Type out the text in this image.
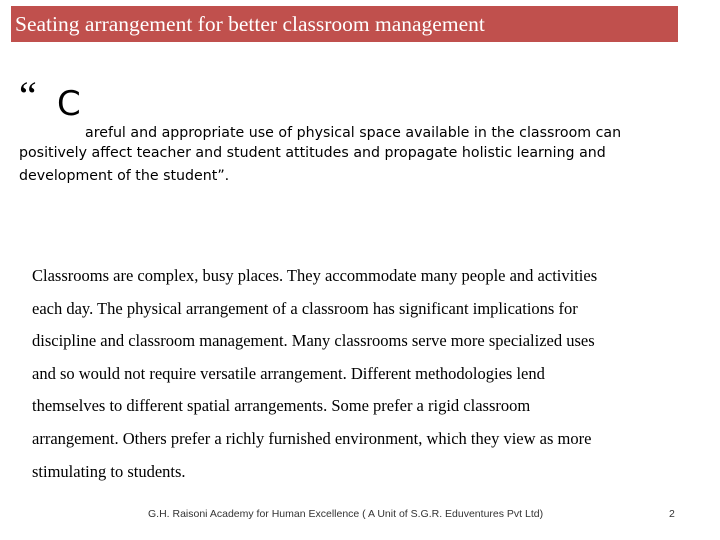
Seating arrangement for better classroom management
“ C
areful and appropriate use of physical space available in the classroom can
positively affect teacher and student attitudes and propagate holistic learning and
development of the student”.
Classrooms are complex, busy places. They accommodate many people and activities
each day. The physical arrangement of a classroom has significant implications for
discipline and classroom management. Many classrooms serve more specialized uses
and so would not require versatile arrangement. Different methodologies lend
themselves to different spatial arrangements. Some prefer a rigid classroom
arrangement. Others prefer a richly furnished environment, which they view as more
stimulating to students.
G.H. Raisoni Academy for Human Excellence ( A Unit of S.G.R. Eduventures Pvt Ltd)	2
